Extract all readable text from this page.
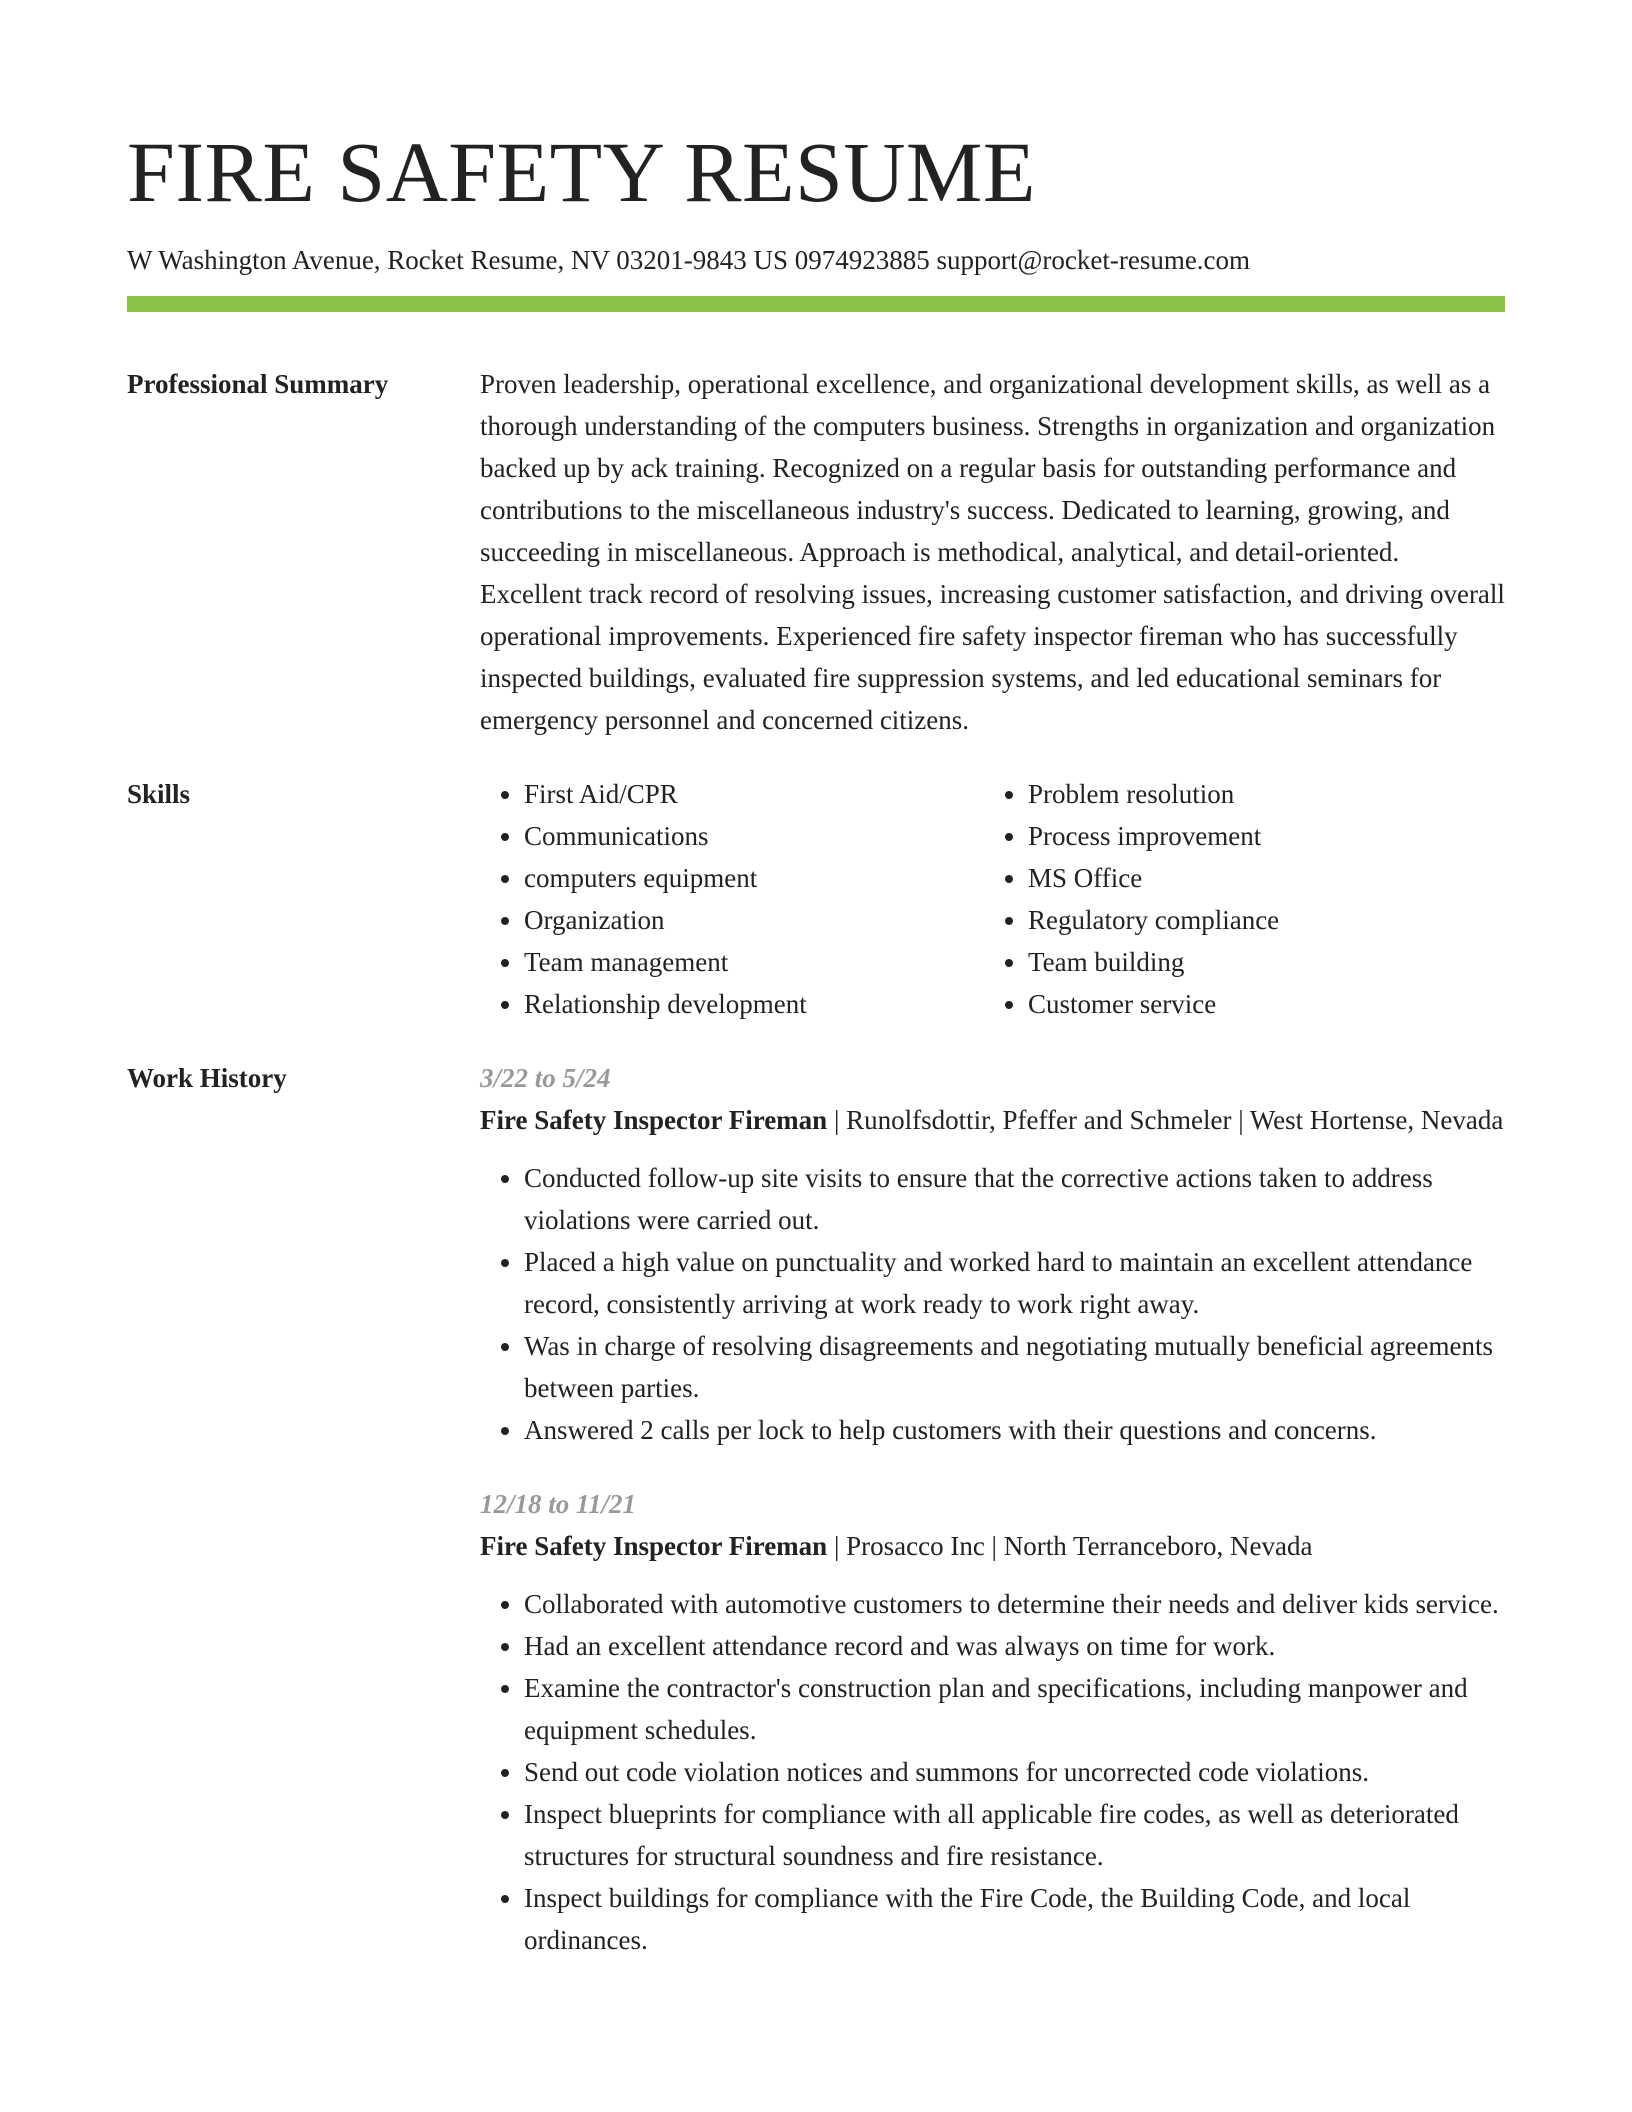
FIRE SAFETY RESUME
W Washington Avenue, Rocket Resume, NV 03201-9843 US 0974923885 support@rocket-resume.com
Professional Summary	Proven leadership, operational excellence, and organizational development skills, as well as a thorough understanding of the computers business. Strengths in organization and organization backed up by ack training. Recognized on a regular basis for outstanding performance and contributions to the miscellaneous industry's success. Dedicated to learning, growing, and succeeding in miscellaneous. Approach is methodical, analytical, and detail-oriented. Excellent track record of resolving issues, increasing customer satisfaction, and driving overall operational improvements. Experienced fire safety inspector fireman who has successfully inspected buildings, evaluated fire suppression systems, and led educational seminars for emergency personnel and concerned citizens.

Skills
•	First Aid/CPR
• Communications
• computers equipment
• Organization
• Team management
• Relationship development
• Problem resolution
• Process improvement
• MS Office
• Regulatory compliance
• Team building
• Customer service
Work History	3/22 to 5/24
Fire Safety Inspector Fireman | Runolfsdottir, Pfeffer and Schmeler | West Hortense, Nevada
• Conducted follow-up site visits to ensure that the corrective actions taken to address violations were carried out.
• Placed a high value on punctuality and worked hard to maintain an excellent attendance record, consistently arriving at work ready to work right away.
• Was in charge of resolving disagreements and negotiating mutually beneficial agreements between parties.
• Answered 2 calls per lock to help customers with their questions and concerns.
12/18 to 11/21
Fire Safety Inspector Fireman | Prosacco Inc | North Terranceboro, Nevada
• Collaborated with automotive customers to determine their needs and deliver kids service.
• Had an excellent attendance record and was always on time for work.
• Examine the contractor's construction plan and specifications, including manpower and equipment schedules.
• Send out code violation notices and summons for uncorrected code violations.
• Inspect blueprints for compliance with all applicable fire codes, as well as deteriorated structures for structural soundness and fire resistance.
• Inspect buildings for compliance with the Fire Code, the Building Code, and local ordinances.
